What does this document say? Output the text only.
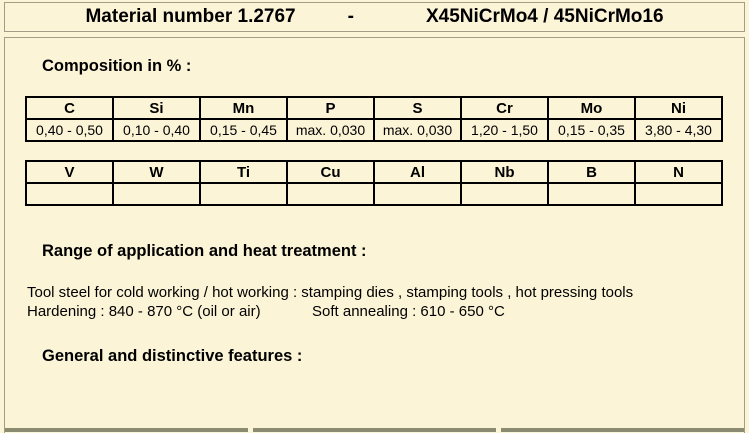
Material number 1.2767	-	X45NiCrMo4 / 45NiCrMo16
Composition in % :
C	Si	Mn	P	S	Cr	Mo	Ni
0,40 - 0,50	0,10 - 0,40	0,15 - 0,45	max. 0,030	max. 0,030	1,20 - 1,50	0,15 - 0,35	3,80 - 4,30
V	W	Ti	Cu	Al	Nb	B	N

Range of application and heat treatment :
Tool steel for cold working / hot working : stamping dies , stamping tools , hot pressing tools
Hardening : 840 - 870 °C (oil or air)	Soft annealing : 610 - 650 °C
General and distinctive features :
